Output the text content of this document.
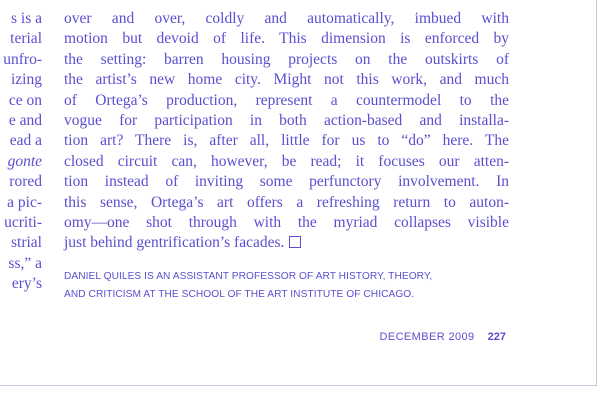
s is a
terial
unfro-
izing
ce on
e and
ead a
gonte
rored
a pic-
ucriti-
strial
ss,” a
ery’s
over and over, coldly and automatically, imbued with
motion but devoid of life. This dimension is enforced by
the setting: barren housing projects on the outskirts of
the artist’s new home city. Might not this work, and much
of Ortega’s production, represent a countermodel to the
vogue for participation in both action-based and installa-
tion art? There is, after all, little for us to “do” here. The
closed circuit can, however, be read; it focuses our atten-
tion instead of inviting some perfunctory involvement. In
this sense, Ortega’s art offers a refreshing return to auton-
omy—one shot through with the myriad collapses visible
just behind gentrification’s facades.
DANIEL QUILES IS AN ASSISTANT PROFESSOR OF ART HISTORY, THEORY,
AND CRITICISM AT THE SCHOOL OF THE ART INSTITUTE OF CHICAGO.
DECEMBER 2009 227
